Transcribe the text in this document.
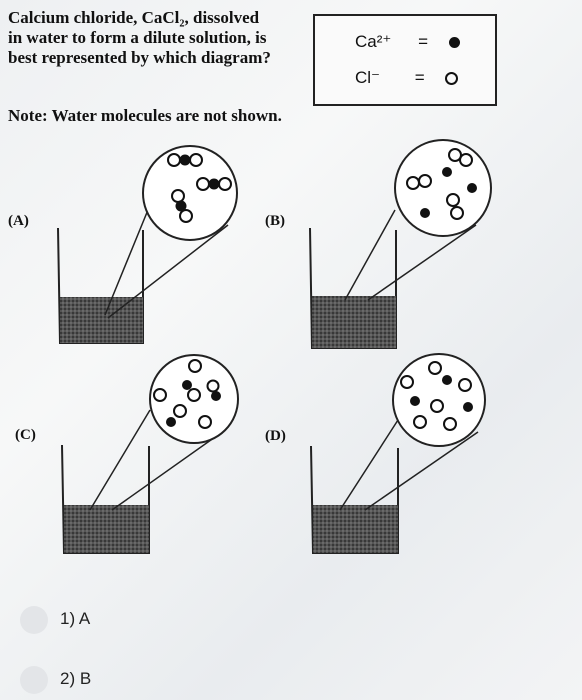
Calcium chloride, CaCl₂, dissolved
in water to form a dilute solution, is
best represented by which diagram?
Ca²⁺ =
Cl⁻ =
Note: Water molecules are not shown.
(A)	(B)
(C)	(D)
1) A
2) B
